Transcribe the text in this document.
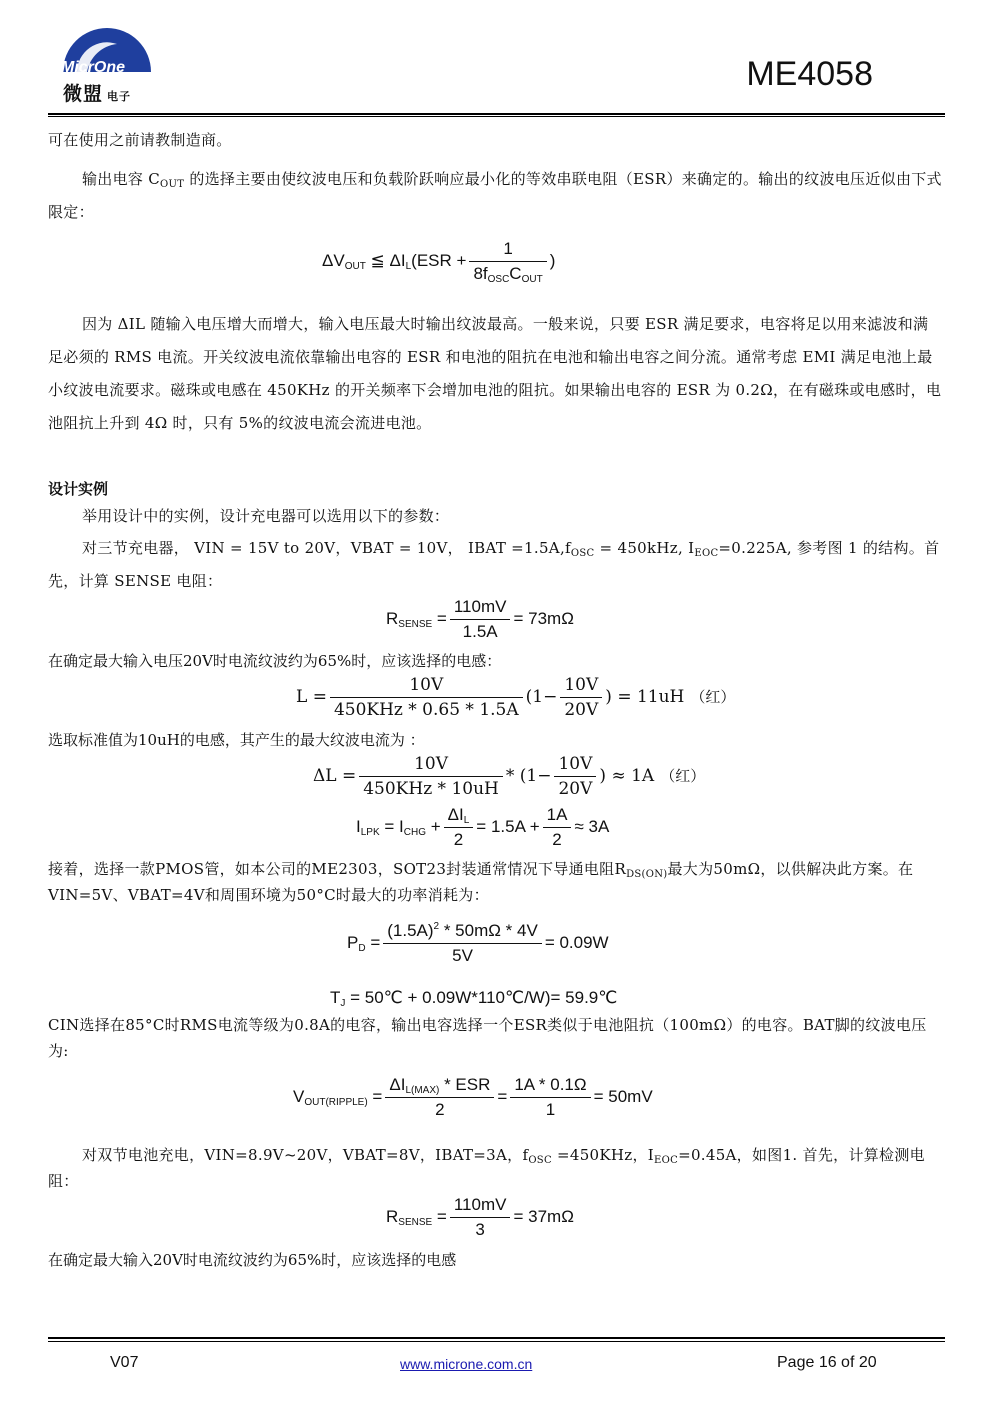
MicrOne
微盟 电子
ME4058
可在使用之前请教制造商。
输出电容 $C_{OUT}$ 的选择主要由使纹波电压和负载阶跃响应最小化的等效串联电阻（ESR）来确定的。输出的纹波电压近似由下式限定：
$\Delta V_{OUT}$ ≦ $\Delta I_L(ESR + \frac{1}{8f_{OSC}C_{OUT}}$ )
因为 ΔIL 随输入电压增大而增大，输入电压最大时输出纹波最高。一般来说，只要 ESR 满足要求，电容将足以用来滤波和满足必须的 RMS 电流。开关纹波电流依靠输出电容的 ESR 和电池的阻抗在电池和输出电容之间分流。通常考虑 EMI 满足电池上最小纹波电流要求。磁珠或电感在 450KHz 的开关频率下会增加电池的阻抗。如果输出电容的 ESR 为 0.2Ω，在有磁珠或电感时，电池阻抗上升到 4Ω 时，只有 5%的纹波电流会流进电池。
设计实例
举用设计中的实例，设计充电器可以选用以下的参数：
对三节充电器， VIN = 15V to 20V，VBAT = 10V， IBAT $=1.5A,f_{OSC} = 450kHz$, $I_{EOC}=0.225A$, 参考图 1 的结构。首先，计算 SENSE 电阻：
$R_{SENSE} = \frac{110mV}{1.5A} = 73m\Omega$
在确定最大输入电压20V时电流纹波约为65%时，应该选择的电感：
$L = \frac{10V}{\text{450KHz * 0.65 * 1.5A}} (1- \frac{10V}{20V}$ ) = 11uH （红）
选取标准值为10uH的电感，其产生的最大纹波电流为 ：
$\Delta L = \frac{10V}{\text{450KHz * 10uH}} * (1- \frac{10V}{20V}$ ) ≈ 1A （红）
$I_{LPK} = I_{CHG} + \frac{\Delta I_L}{2} = 1.5A + \frac{1A}{2} \approx 3A$
接着，选择一款PMOS管，如本公司的ME2303，SOT23封装通常情况下导通电阻$R_{DS(ON)}$最大为50mΩ，以供解决此方案。在VIN=5V、VBAT=4V和周围环境为50°C时最大的功率消耗为：
$P_D = \frac{(1.5A)^2 * 50m\Omega * 4V}{5V} = 0.09W$
$T_J$ = 50℃ + 0.09W*110℃/W)= 59.9℃
CIN选择在85°C时RMS电流等级为0.8A的电容，输出电容选择一个ESR类似于电池阻抗（100mΩ）的电容。BAT脚的纹波电压为:
$V_{OUT(RIPPLE)} = \frac{\Delta I_{L(MAX)} * ESR}{2} = \frac{1A * 0.1\Omega}{1} = 50mV$
对双节电池充电，VIN=8.9V~20V，VBAT=8V，IBAT=3A，$f_{OSC} =450KHz$，$I_{EOC}=0.45A$，如图1. 首先，计算检测电阻：
$R_{SENSE} = \frac{110mV}{3} = 37m\Omega$
在确定最大输入20V时电流纹波约为65%时，应该选择的电感
V07	www.microne.com.cn	Page 16 of 20
